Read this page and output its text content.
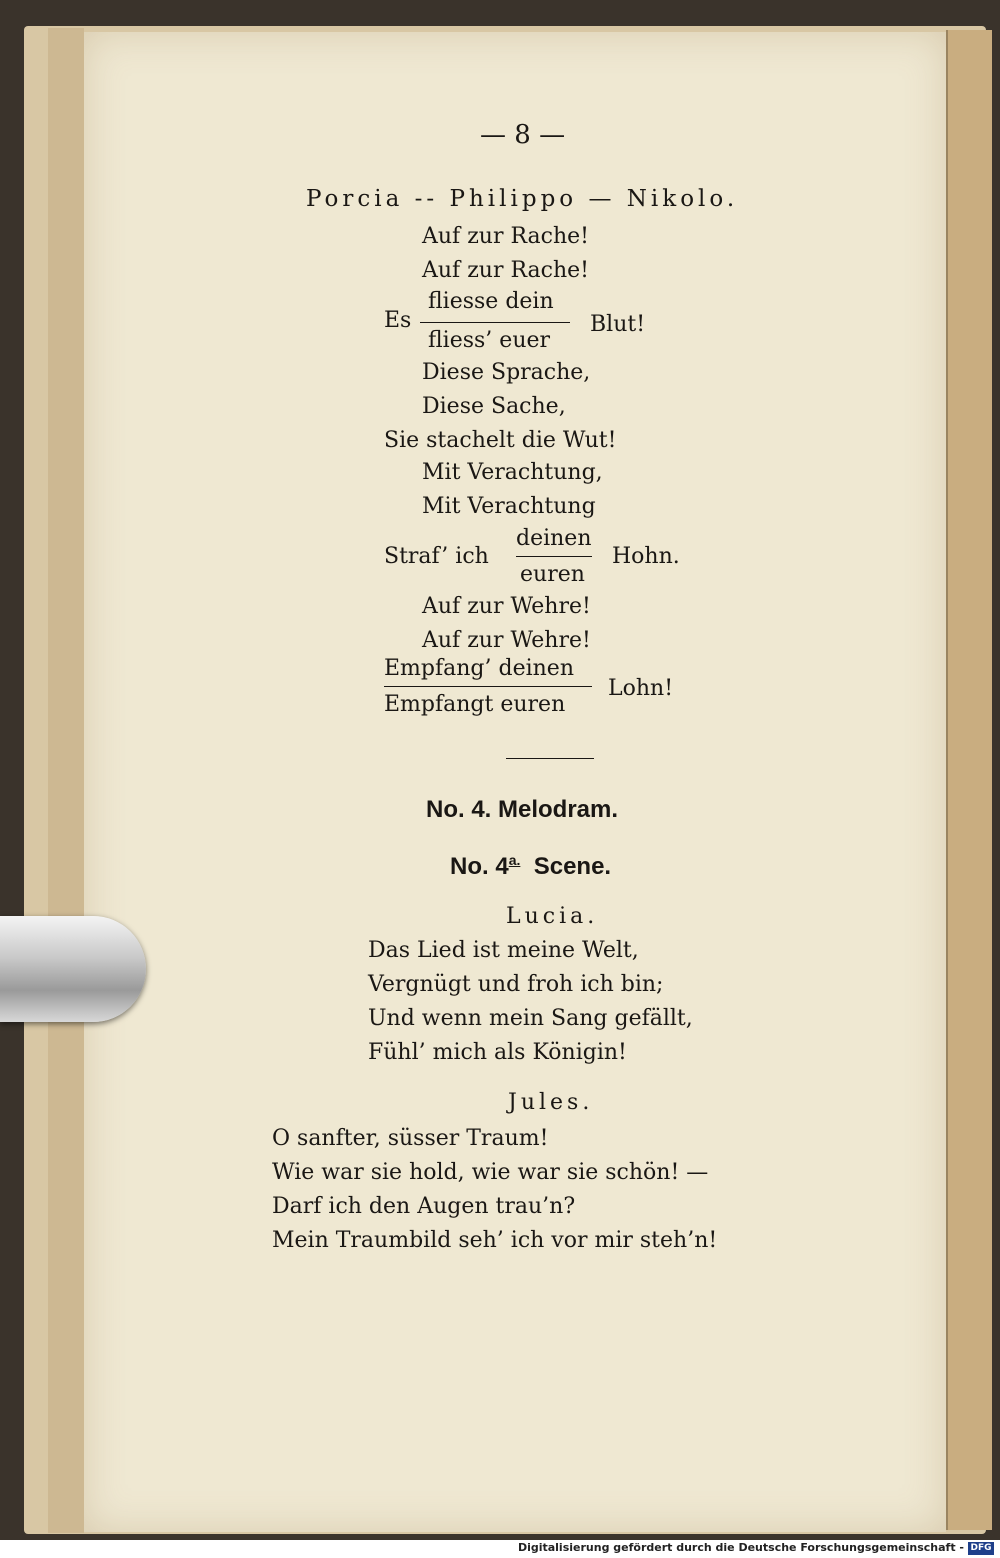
— 8 —
Porcia -- Philippo — Nikolo.
Auf zur Rache!
Auf zur Rache!
Es
fliesse dein
fliess’ euer
Blut!
Diese Sprache,
Diese Sache,
Sie stachelt die Wut!
Mit Verachtung,
Mit Verachtung
Straf’ ich
deinen
euren
Hohn.
Auf zur Wehre!
Auf zur Wehre!
Empfang’ deinen
Empfangt euren
Lohn!
No. 4. Melodram.
No. $4^{a.}$ Scene.
Lucia.
Das Lied ist meine Welt,
Vergnügt und froh ich bin;
Und wenn mein Sang gefällt,
Fühl’ mich als Königin!
Jules.
O sanfter, süsser Traum!
Wie war sie hold, wie war sie schön! —
Darf ich den Augen trau’n?
Mein Traumbild seh’ ich vor mir steh’n!
Digitalisierung gefördert durch die Deutsche Forschungsgemeinschaft - DFG
